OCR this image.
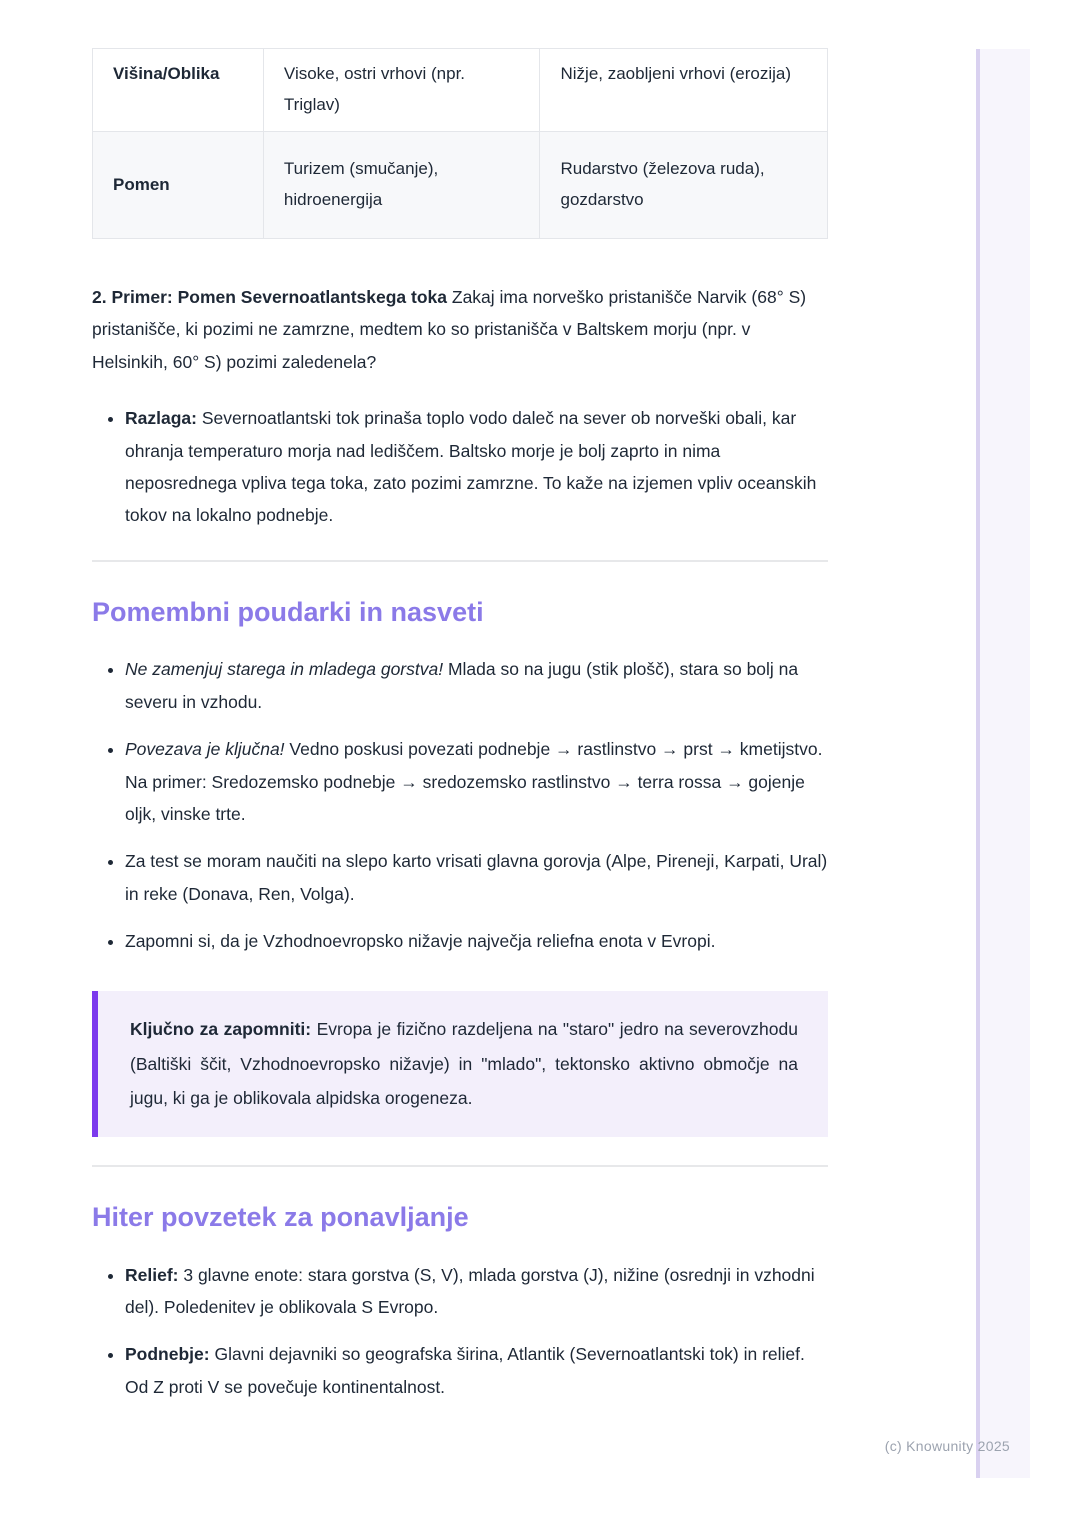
Višina/Oblika	Visoke, ostri vrhovi (npr. Triglav)	Nižje, zaobljeni vrhovi (erozija)
Pomen	Turizem (smučanje), hidroenergija	Rudarstvo (železova ruda), gozdarstvo

2. Primer: Pomen Severnoatlantskega toka Zakaj ima norveško pristanišče Narvik (68° S) pristanišče, ki pozimi ne zamrzne, medtem ko so pristanišča v Baltskem morju (npr. v Helsinkih, 60° S) pozimi zaledenela?

• Razlaga: Severnoatlantski tok prinaša toplo vodo daleč na sever ob norveški obali, kar ohranja temperaturo morja nad lediščem. Baltsko morje je bolj zaprto in nima neposrednega vpliva tega toka, zato pozimi zamrzne. To kaže na izjemen vpliv oceanskih tokov na lokalno podnebje.
Pomembni poudarki in nasveti
• Ne zamenjuj starega in mladega gorstva! Mlada so na jugu (stik plošč), stara so bolj na severu in vzhodu.
• Povezava je ključna! Vedno poskusi povezati podnebje → rastlinstvo → prst → kmetijstvo. Na primer: Sredozemsko podnebje → sredozemsko rastlinstvo → terra rossa → gojenje oljk, vinske trte.
• Za test se moram naučiti na slepo karto vrisati glavna gorovja (Alpe, Pireneji, Karpati, Ural) in reke (Donava, Ren, Volga).
• Zapomni si, da je Vzhodnoevropsko nižavje največja reliefna enota v Evropi.

Ključno za zapomniti: Evropa je fizično razdeljena na "staro" jedro na severovzhodu (Baltiški ščit, Vzhodnoevropsko nižavje) in "mlado", tektonsko aktivno območje na jugu, ki ga je oblikovala alpidska orogeneza.

Hiter povzetek za ponavljanje
• Relief: 3 glavne enote: stara gorstva (S, V), mlada gorstva (J), nižine (osrednji in vzhodni del). Poledenitev je oblikovala S Evropo.
• Podnebje: Glavni dejavniki so geografska širina, Atlantik (Severnoatlantski tok) in relief. Od Z proti V se povečuje kontinentalnost.
(c) Knowunity 2025
